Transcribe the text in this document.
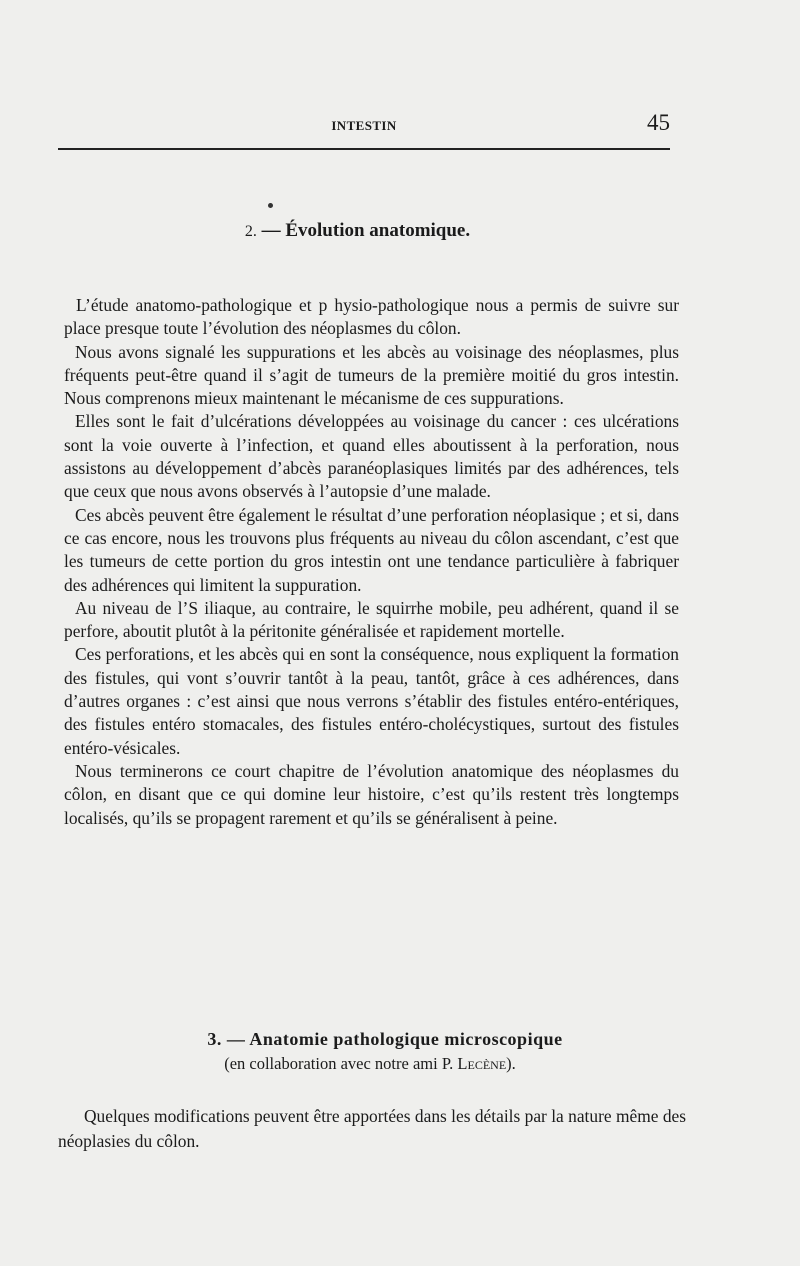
INTESTIN	45
2. — Évolution anatomique.

L’étude anatomo-pathologique et p hysio-pathologique nous a permis de suivre sur place presque toute l’évolution des néoplasmes du côlon.

Nous avons signalé les suppurations et les abcès au voisinage des néoplasmes, plus fréquents peut-être quand il s’agit de tumeurs de la première moitié du gros intestin. Nous comprenons mieux maintenant le mécanisme de ces suppurations.

Elles sont le fait d’ulcérations développées au voisinage du cancer : ces ulcérations sont la voie ouverte à l’infection, et quand elles aboutissent à la perforation, nous assistons au développement d’abcès paranéoplasiques limités par des adhérences, tels que ceux que nous avons observés à l’autopsie d’une malade.

Ces abcès peuvent être également le résultat d’une perforation néoplasique ; et si, dans ce cas encore, nous les trouvons plus fréquents au niveau du côlon ascendant, c’est que les tumeurs de cette portion du gros intestin ont une tendance particulière à fabriquer des adhérences qui limitent la suppuration.

Au niveau de l’S iliaque, au contraire, le squirrhe mobile, peu adhérent, quand il se perfore, aboutit plutôt à la péritonite généralisée et rapidement mortelle.

Ces perforations, et les abcès qui en sont la conséquence, nous expliquent la formation des fistules, qui vont s’ouvrir tantôt à la peau, tantôt, grâce à ces adhérences, dans d’autres organes : c’est ainsi que nous verrons s’établir des fistules entéro-entériques, des fistules entéro stomacales, des fistules entéro-cholécystiques, surtout des fistules entéro-vésicales.

Nous terminerons ce court chapitre de l’évolution anatomique des néoplasmes du côlon, en disant que ce qui domine leur histoire, c’est qu’ils restent très longtemps localisés, qu’ils se propagent rarement et qu’ils se généralisent à peine.

3. — Anatomie pathologique microscopique
(en collaboration avec notre ami P. Lecène).

Quelques modifications peuvent être apportées dans les détails par la nature même des néoplasies du côlon.
